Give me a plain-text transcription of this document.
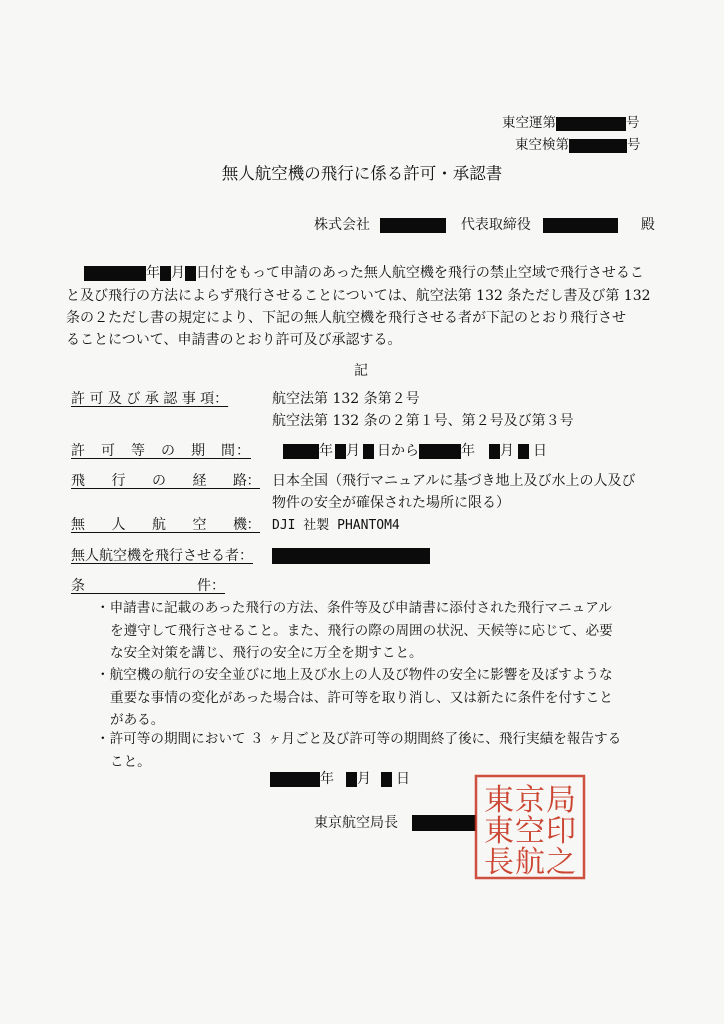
東空運第	号
東空検第	号
無人航空機の飛行に係る許可・承認書
株式会社	代表取締役	殿
年 月 日付をもって申請のあった無人航空機を飛行の禁止空域で飛行させるこ
と及び飛行の方法によらず飛行させることについては、航空法第 132 条ただし書及び第 132
条の２ただし書の規定により、下記の無人航空機を飛行させる者が下記のとおり飛行させ
ることについて、申請書のとおり許可及び承認する。
記
許 可 及 び 承 認 事 項：	航空法第 132 条第２号
航空法第 132 条の２第１号、第２号及び第３号
許　可　等　の　期　間：	年 月 日から	年 月 日
飛　　行　　の　　経　　路： 日本全国（飛行マニュアルに基づき地上及び水上の人及び
物件の安全が確保された場所に限る）
無　　人　　航　　空　　機： DJI 社製 PHANTOM4
無人航空機を飛行させる者：
条　　　　　　　　件：
・申請書に記載のあった飛行の方法、条件等及び申請書に添付された飛行マニュアル
を遵守して飛行させること。また、飛行の際の周囲の状況、天候等に応じて、必要
な安全対策を講じ、飛行の安全に万全を期すこと。
・航空機の航行の安全並びに地上及び水上の人及び物件の安全に影響を及ぼすような
重要な事情の変化があった場合は、許可等を取り消し、又は新たに条件を付すこと
がある。
・許可等の期間において ３ ヶ月ごと及び許可等の期間終了後に、飛行実績を報告する
こと。
年 月 日
東京航空局長
東 京 局
東 空 印
長 航 之
